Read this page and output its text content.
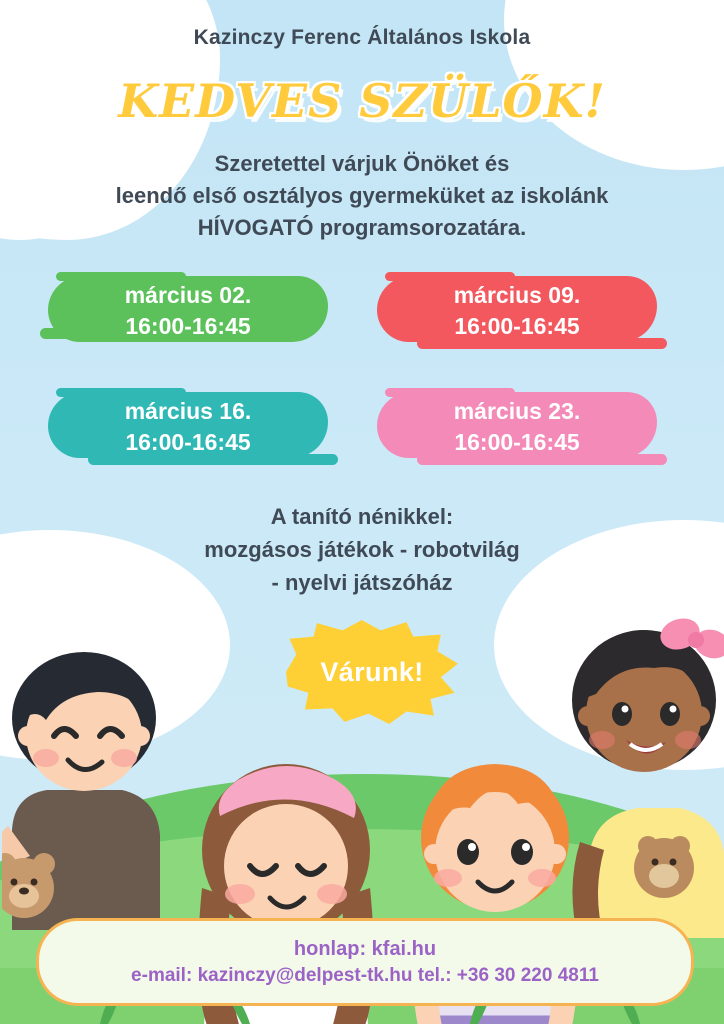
Kazinczy Ferenc Általános Iskola
KEDVES SZÜLŐK!
Szeretettel várjuk Önöket és
leendő első osztályos gyermeküket az iskolánk
HÍVOGATÓ programsorozatára.
március 02.
16:00-16:45
március 09.
16:00-16:45
március 16.
16:00-16:45
március 23.
16:00-16:45
A tanító nénikkel:
mozgásos játékok - robotvilág
- nyelvi játszóház
Várunk!
honlap: kfai.hu
e-mail: kazinczy@delpest-tk.hu tel.: +36 30 220 4811
